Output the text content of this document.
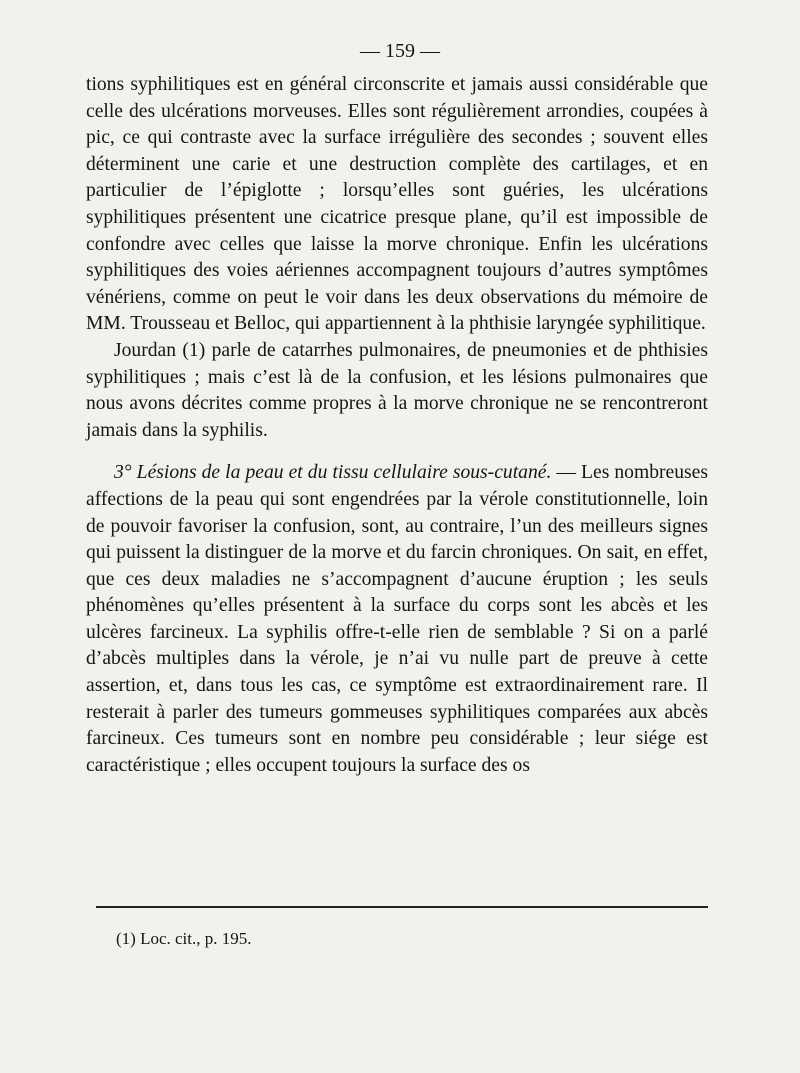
— 159 —

tions syphilitiques est en général circonscrite et jamais aussi considérable que celle des ulcérations morveuses. Elles sont régulièrement arrondies, coupées à pic, ce qui contraste avec la surface irrégulière des secondes ; souvent elles déterminent une carie et une destruction complète des cartilages, et en particulier de l’épiglotte ; lorsqu’elles sont guéries, les ulcérations syphilitiques présentent une cicatrice presque plane, qu’il est impossible de confondre avec celles que laisse la morve chronique. Enfin les ulcérations syphilitiques des voies aériennes accompagnent toujours d’autres symptômes vénériens, comme on peut le voir dans les deux observations du mémoire de MM. Trousseau et Belloc, qui appartiennent à la phthisie laryngée syphilitique.

Jourdan (1) parle de catarrhes pulmonaires, de pneumonies et de phthisies syphilitiques ; mais c’est là de la confusion, et les lésions pulmonaires que nous avons décrites comme propres à la morve chronique ne se rencontreront jamais dans la syphilis.

3° Lésions de la peau et du tissu cellulaire sous-cutané. — Les nombreuses affections de la peau qui sont engendrées par la vérole constitutionnelle, loin de pouvoir favoriser la confusion, sont, au contraire, l’un des meilleurs signes qui puissent la distinguer de la morve et du farcin chroniques. On sait, en effet, que ces deux maladies ne s’accompagnent d’aucune éruption ; les seuls phénomènes qu’elles présentent à la surface du corps sont les abcès et les ulcères farcineux. La syphilis offre-t-elle rien de semblable ? Si on a parlé d’abcès multiples dans la vérole, je n’ai vu nulle part de preuve à cette assertion, et, dans tous les cas, ce symptôme est extraordinairement rare. Il resterait à parler des tumeurs gommeuses syphilitiques comparées aux abcès farcineux. Ces tumeurs sont en nombre peu considérable ; leur siége est caractéristique ; elles occupent toujours la surface des os

(1) Loc. cit., p. 195.
